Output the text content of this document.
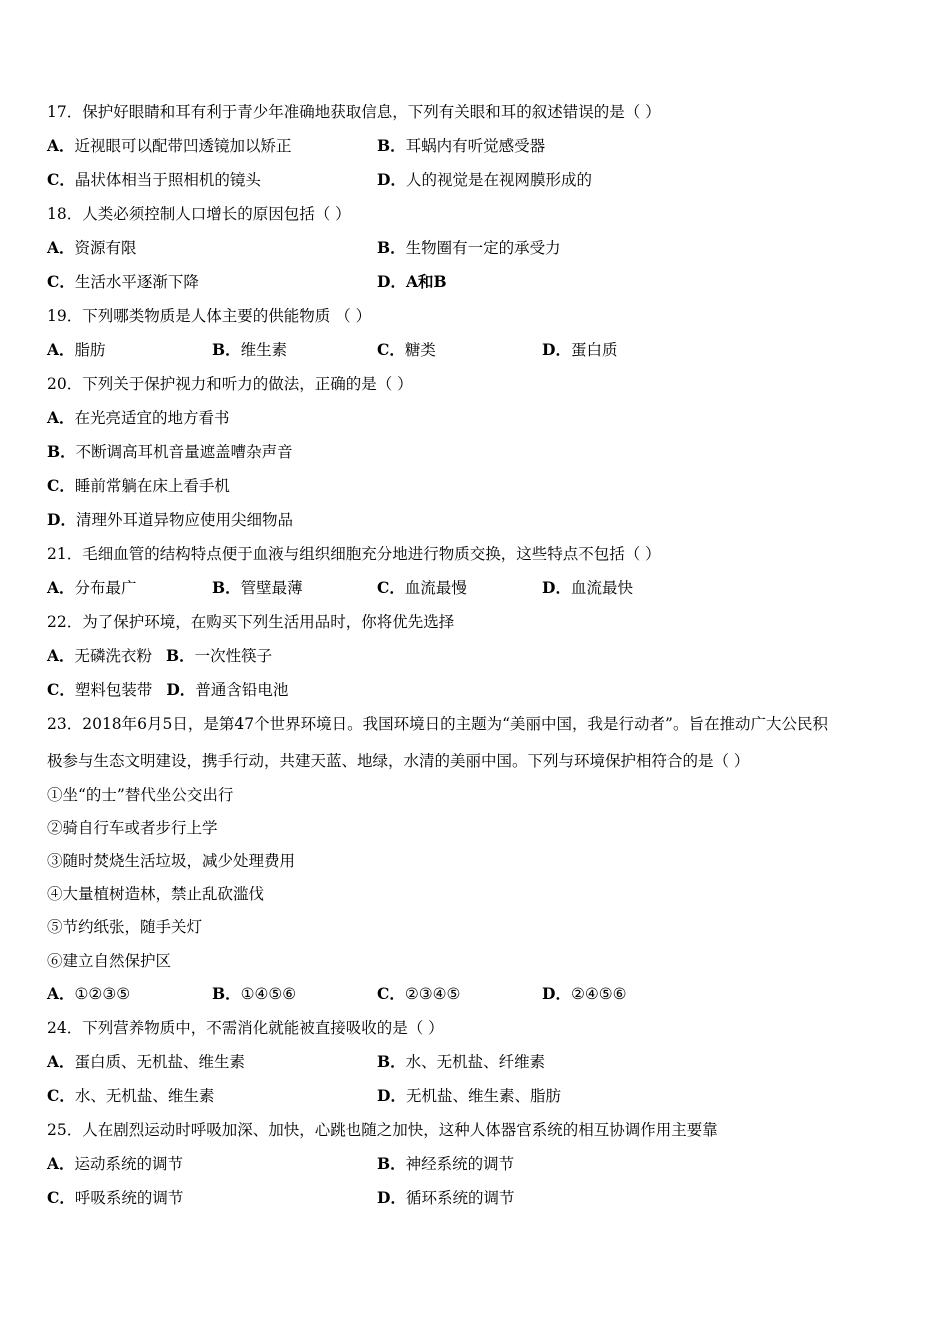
17．保护好眼睛和耳有利于青少年准确地获取信息，下列有关眼和耳的叙述错误的是（ ）
A．近视眼可以配带凹透镜加以矫正	B．耳蜗内有听觉感受器
C．晶状体相当于照相机的镜头	D．人的视觉是在视网膜形成的
18．人类必须控制人口增长的原因包括（ ）
A．资源有限	B．生物圈有一定的承受力
C．生活水平逐渐下降	D．A和B
19．下列哪类物质是人体主要的供能物质 （ ）
A．脂肪	B．维生素	C．糖类	D．蛋白质
20．下列关于保护视力和听力的做法，正确的是（ ）
A．在光亮适宜的地方看书
B．不断调高耳机音量遮盖嘈杂声音
C．睡前常躺在床上看手机
D．清理外耳道异物应使用尖细物品
21．毛细血管的结构特点便于血液与组织细胞充分地进行物质交换，这些特点不包括（ ）
A．分布最广	B．管壁最薄	C．血流最慢	D．血流最快
22．为了保护环境，在购买下列生活用品时，你将优先选择
A．无磷洗衣粉 B．一次性筷子
C．塑料包装带 D．普通含铅电池
23．2018年6月5日，是第47个世界环境日。我国环境日的主题为“美丽中国，我是行动者”。旨在推动广大公民积
极参与生态文明建设，携手行动，共建天蓝、地绿，水清的美丽中国。下列与环境保护相符合的是（ ）
①坐“的士”替代坐公交出行
②骑自行车或者步行上学
③随时焚烧生活垃圾，减少处理费用
④大量植树造林，禁止乱砍滥伐
⑤节约纸张，随手关灯
⑥建立自然保护区
A．①②③⑤	B．①④⑤⑥	C．②③④⑤	D．②④⑤⑥
24．下列营养物质中，不需消化就能被直接吸收的是（ ）
A．蛋白质、无机盐、维生素	B．水、无机盐、纤维素
C．水、无机盐、维生素	D．无机盐、维生素、脂肪
25．人在剧烈运动时呼吸加深、加快，心跳也随之加快，这种人体器官系统的相互协调作用主要靠
A．运动系统的调节	B．神经系统的调节
C．呼吸系统的调节	D．循环系统的调节
